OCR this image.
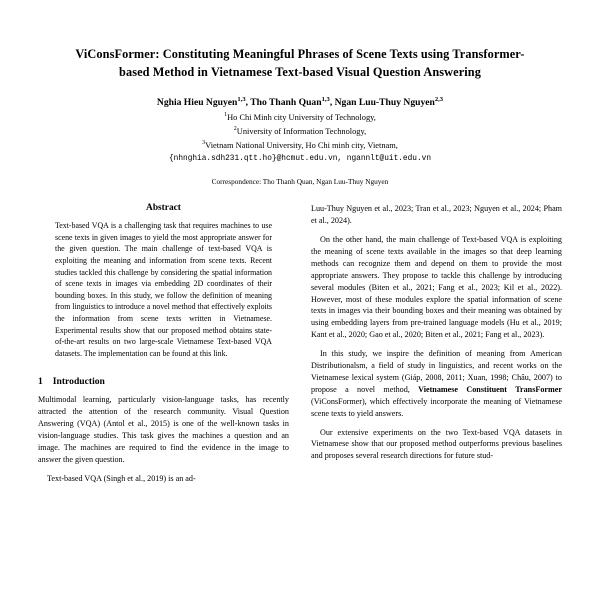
ViConsFormer: Constituting Meaningful Phrases of Scene Texts using Transformer-based Method in Vietnamese Text-based Visual Question Answering
Nghia Hieu Nguyen$^{1,3}$, Tho Thanh Quan$^{1,3}$, Ngan Luu-Thuy Nguyen$^{2,3}$
$^1$Ho Chi Minh city University of Technology,
$^2$University of Information Technology,
$^3$Vietnam National University, Ho Chi minh city, Vietnam,
{nhnghia.sdh231.qtt.ho}@hcmut.edu.vn, ngannlt@uit.edu.vn
Correspondence: Tho Thanh Quan, Ngan Luu-Thuy Nguyen
Abstract
Text-based VQA is a challenging task that requires machines to use scene texts in given images to yield the most appropriate answer for the given question. The main challenge of text-based VQA is exploiting the meaning and information from scene texts. Recent studies tackled this challenge by considering the spatial information of scene texts in images via embedding 2D coordinates of their bounding boxes. In this study, we follow the definition of meaning from linguistics to introduce a novel method that effectively exploits the information from scene texts written in Vietnamese. Experimental results show that our proposed method obtains state-of-the-art results on two large-scale Vietnamese Text-based VQA datasets. The implementation can be found at this link.
1 Introduction

Multimodal learning, particularly vision-language tasks, has recently attracted the attention of the research community. Visual Question Answering (VQA) (Antol et al., 2015) is one of the well-known tasks in vision-language studies. This task gives the machines a question and an image. The machines are required to find the evidence in the image to answer the given question.

Text-based VQA (Singh et al., 2019) is an ad-

Luu-Thuy Nguyen et al., 2023; Tran et al., 2023; Nguyen et al., 2024; Pham et al., 2024).

On the other hand, the main challenge of Text-based VQA is exploiting the meaning of scene texts available in the images so that deep learning methods can recognize them and depend on them to provide the most appropriate answers. They propose to tackle this challenge by introducing several modules (Biten et al., 2021; Fang et al., 2023; Kil et al., 2022). However, most of these modules explore the spatial information of scene texts in images via their bounding boxes and their meaning was obtained by using embedding layers from pre-trained language models (Hu et al., 2019; Kant et al., 2020; Gao et al., 2020; Biten et al., 2021; Fang et al., 2023).

In this study, we inspire the definition of meaning from American Distributionalsm, a field of study in linguistics, and recent works on the Vietnamese lexical system (Giáp, 2008, 2011; Xuan, 1998; Châu, 2007) to propose a novel method, Vietnamese Constituent TransFormer (ViConsFormer), which effectively incorporate the meaning of Vietnamese scene texts to yield answers.

Our extensive experiments on the two Text-based VQA datasets in Vietnamese show that our proposed method outperforms previous baselines and proposes several research directions for future stud-
